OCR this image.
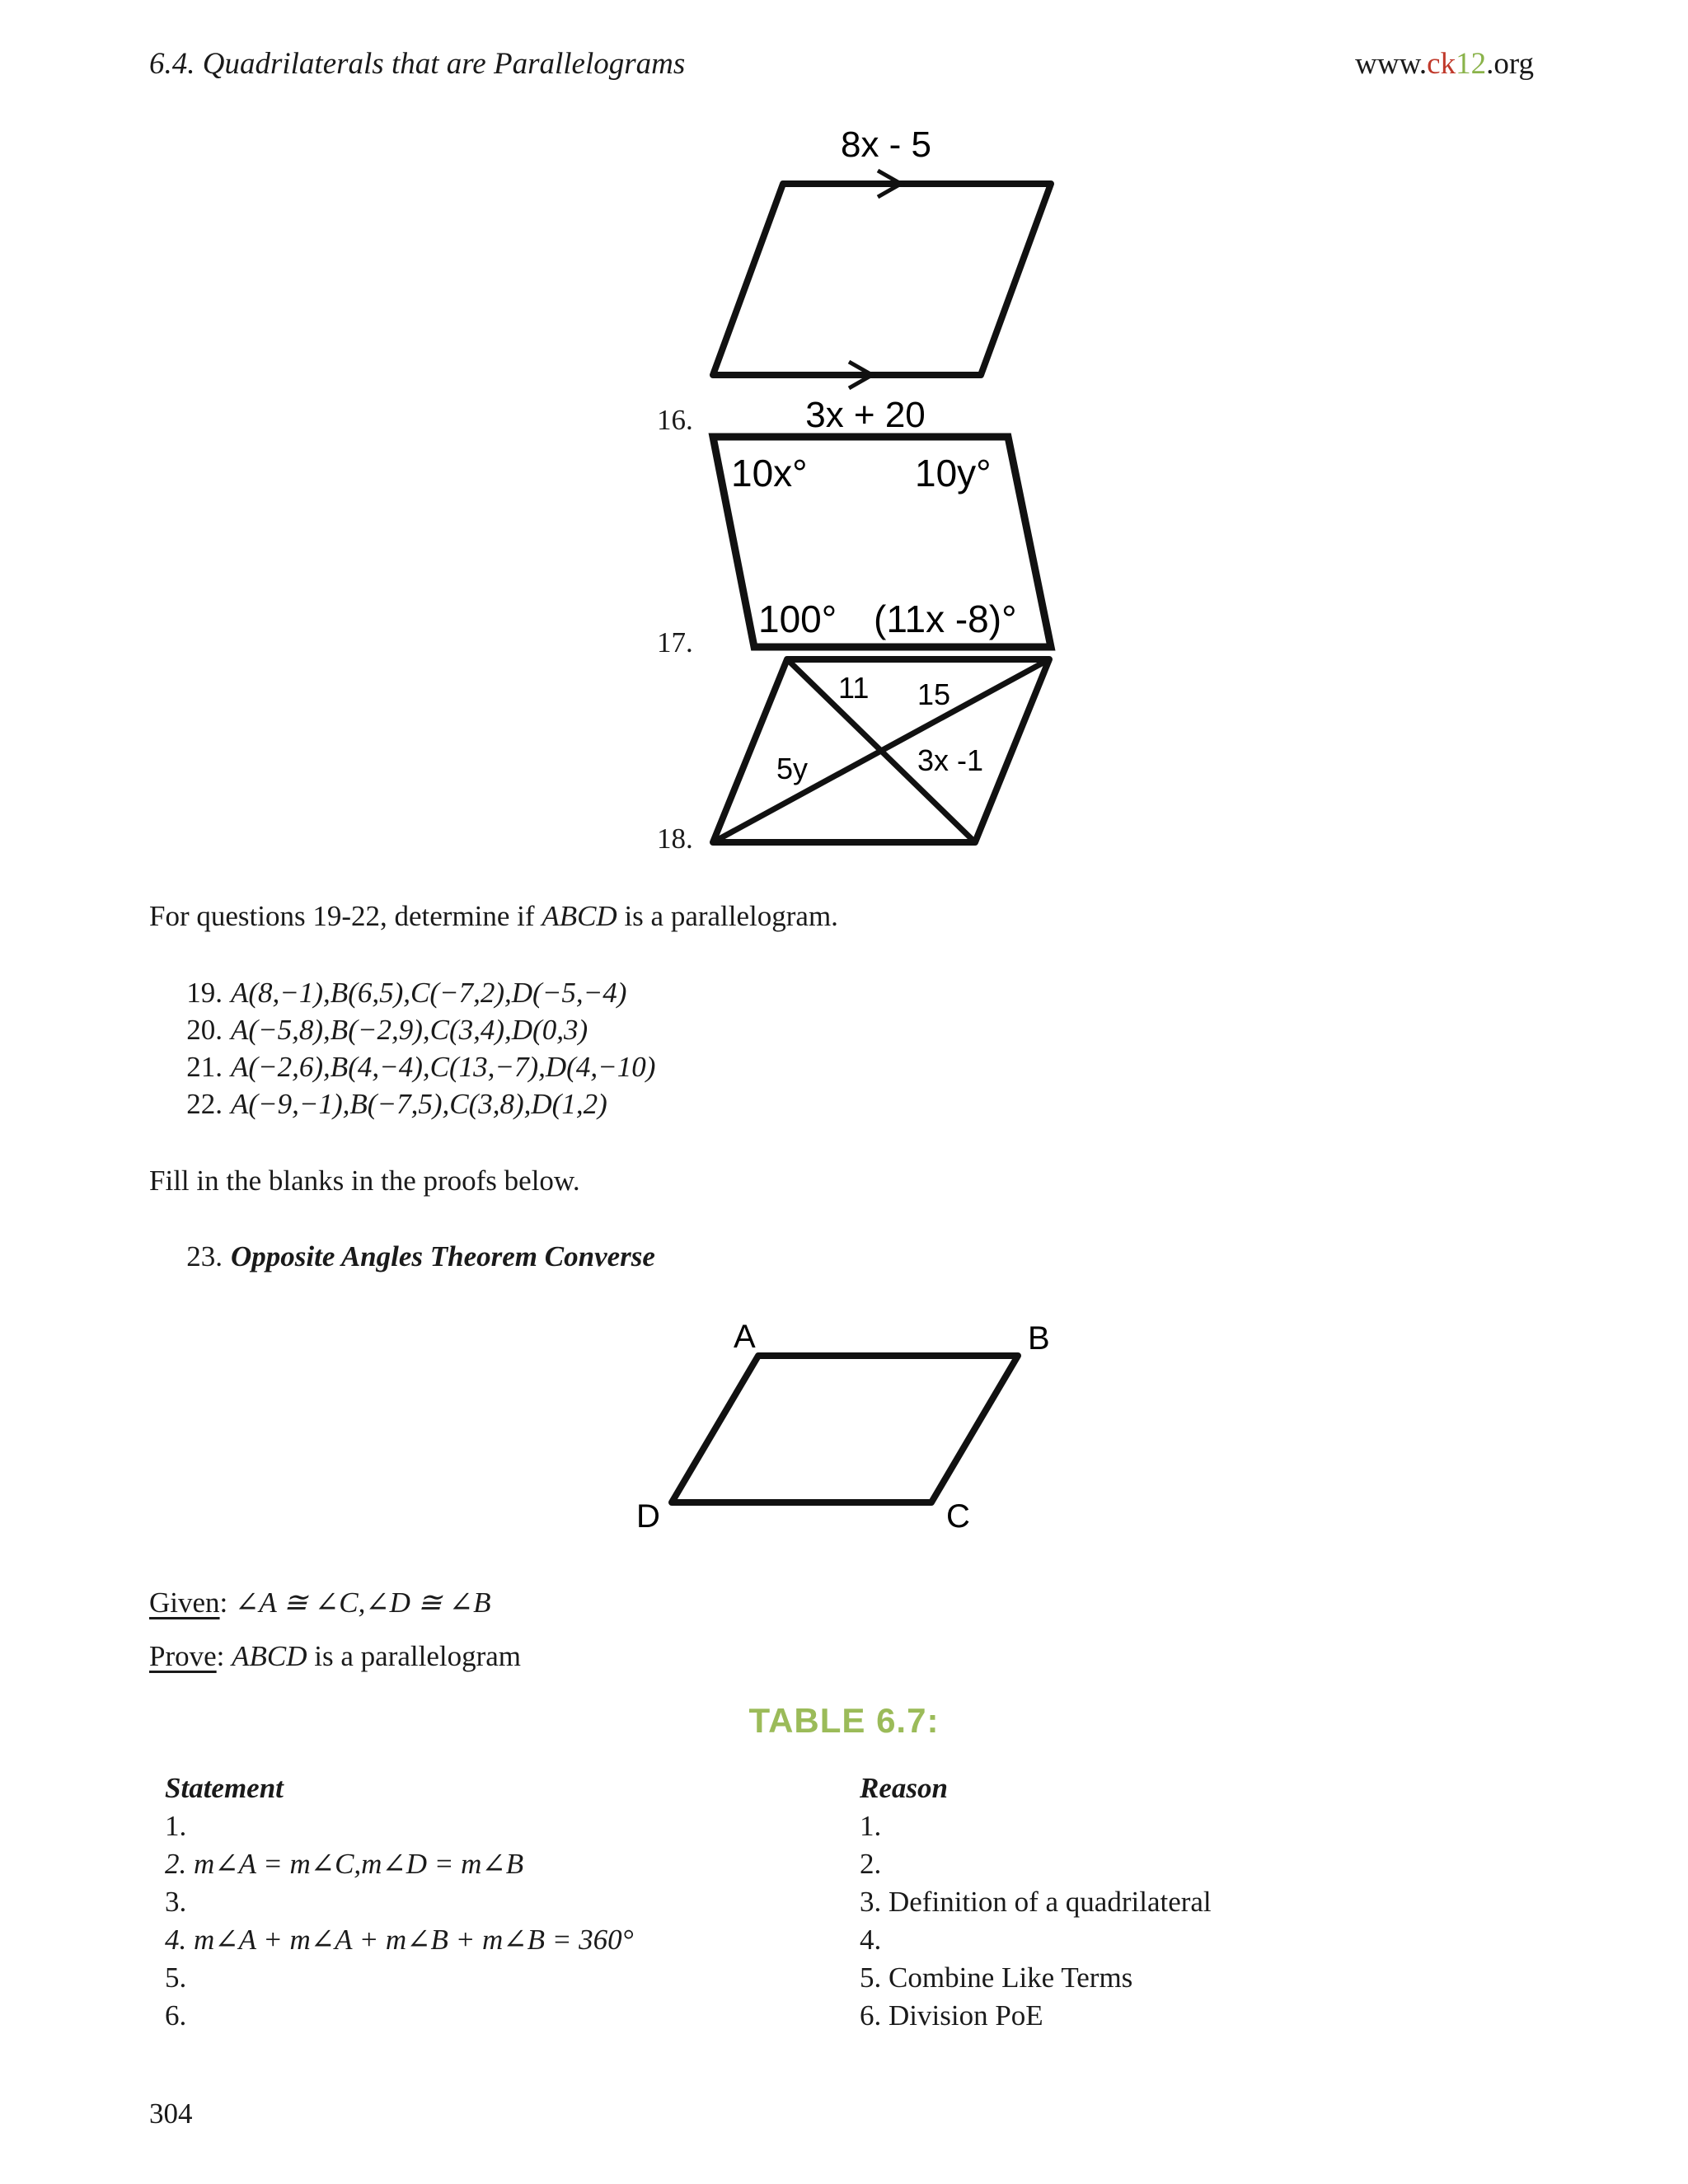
6.4. Quadrilaterals that are Parallelograms	www.ck12.org
8x - 5
16.	3x + 20
10x°	10y°
100° (11x -8)°
17.
11 15
5y	3x -1
18.
For questions 19-22, determine if ABCD is a parallelogram.
19. A(8,−1),B(6,5),C(−7,2),D(−5,−4)
20. A(−5,8),B(−2,9),C(3,4),D(0,3)
21. A(−2,6),B(4,−4),C(13,−7),D(4,−10)
22. A(−9,−1),B(−7,5),C(3,8),D(1,2)
Fill in the blanks in the proofs below.
23. Opposite Angles Theorem Converse
A	B
C
D
Given: ∠A ≅ ∠C,∠D ≅ ∠B
Prove: ABCD is a parallelogram
TABLE 6.7:
Statement	Reason
1.	1.
2. m∠A = m∠C,m∠D = m∠B	2.
3.	3. Definition of a quadrilateral
4. m∠A + m∠A + m∠B + m∠B = 360°	4.
5.	5. Combine Like Terms
6.	6. Division PoE
304
